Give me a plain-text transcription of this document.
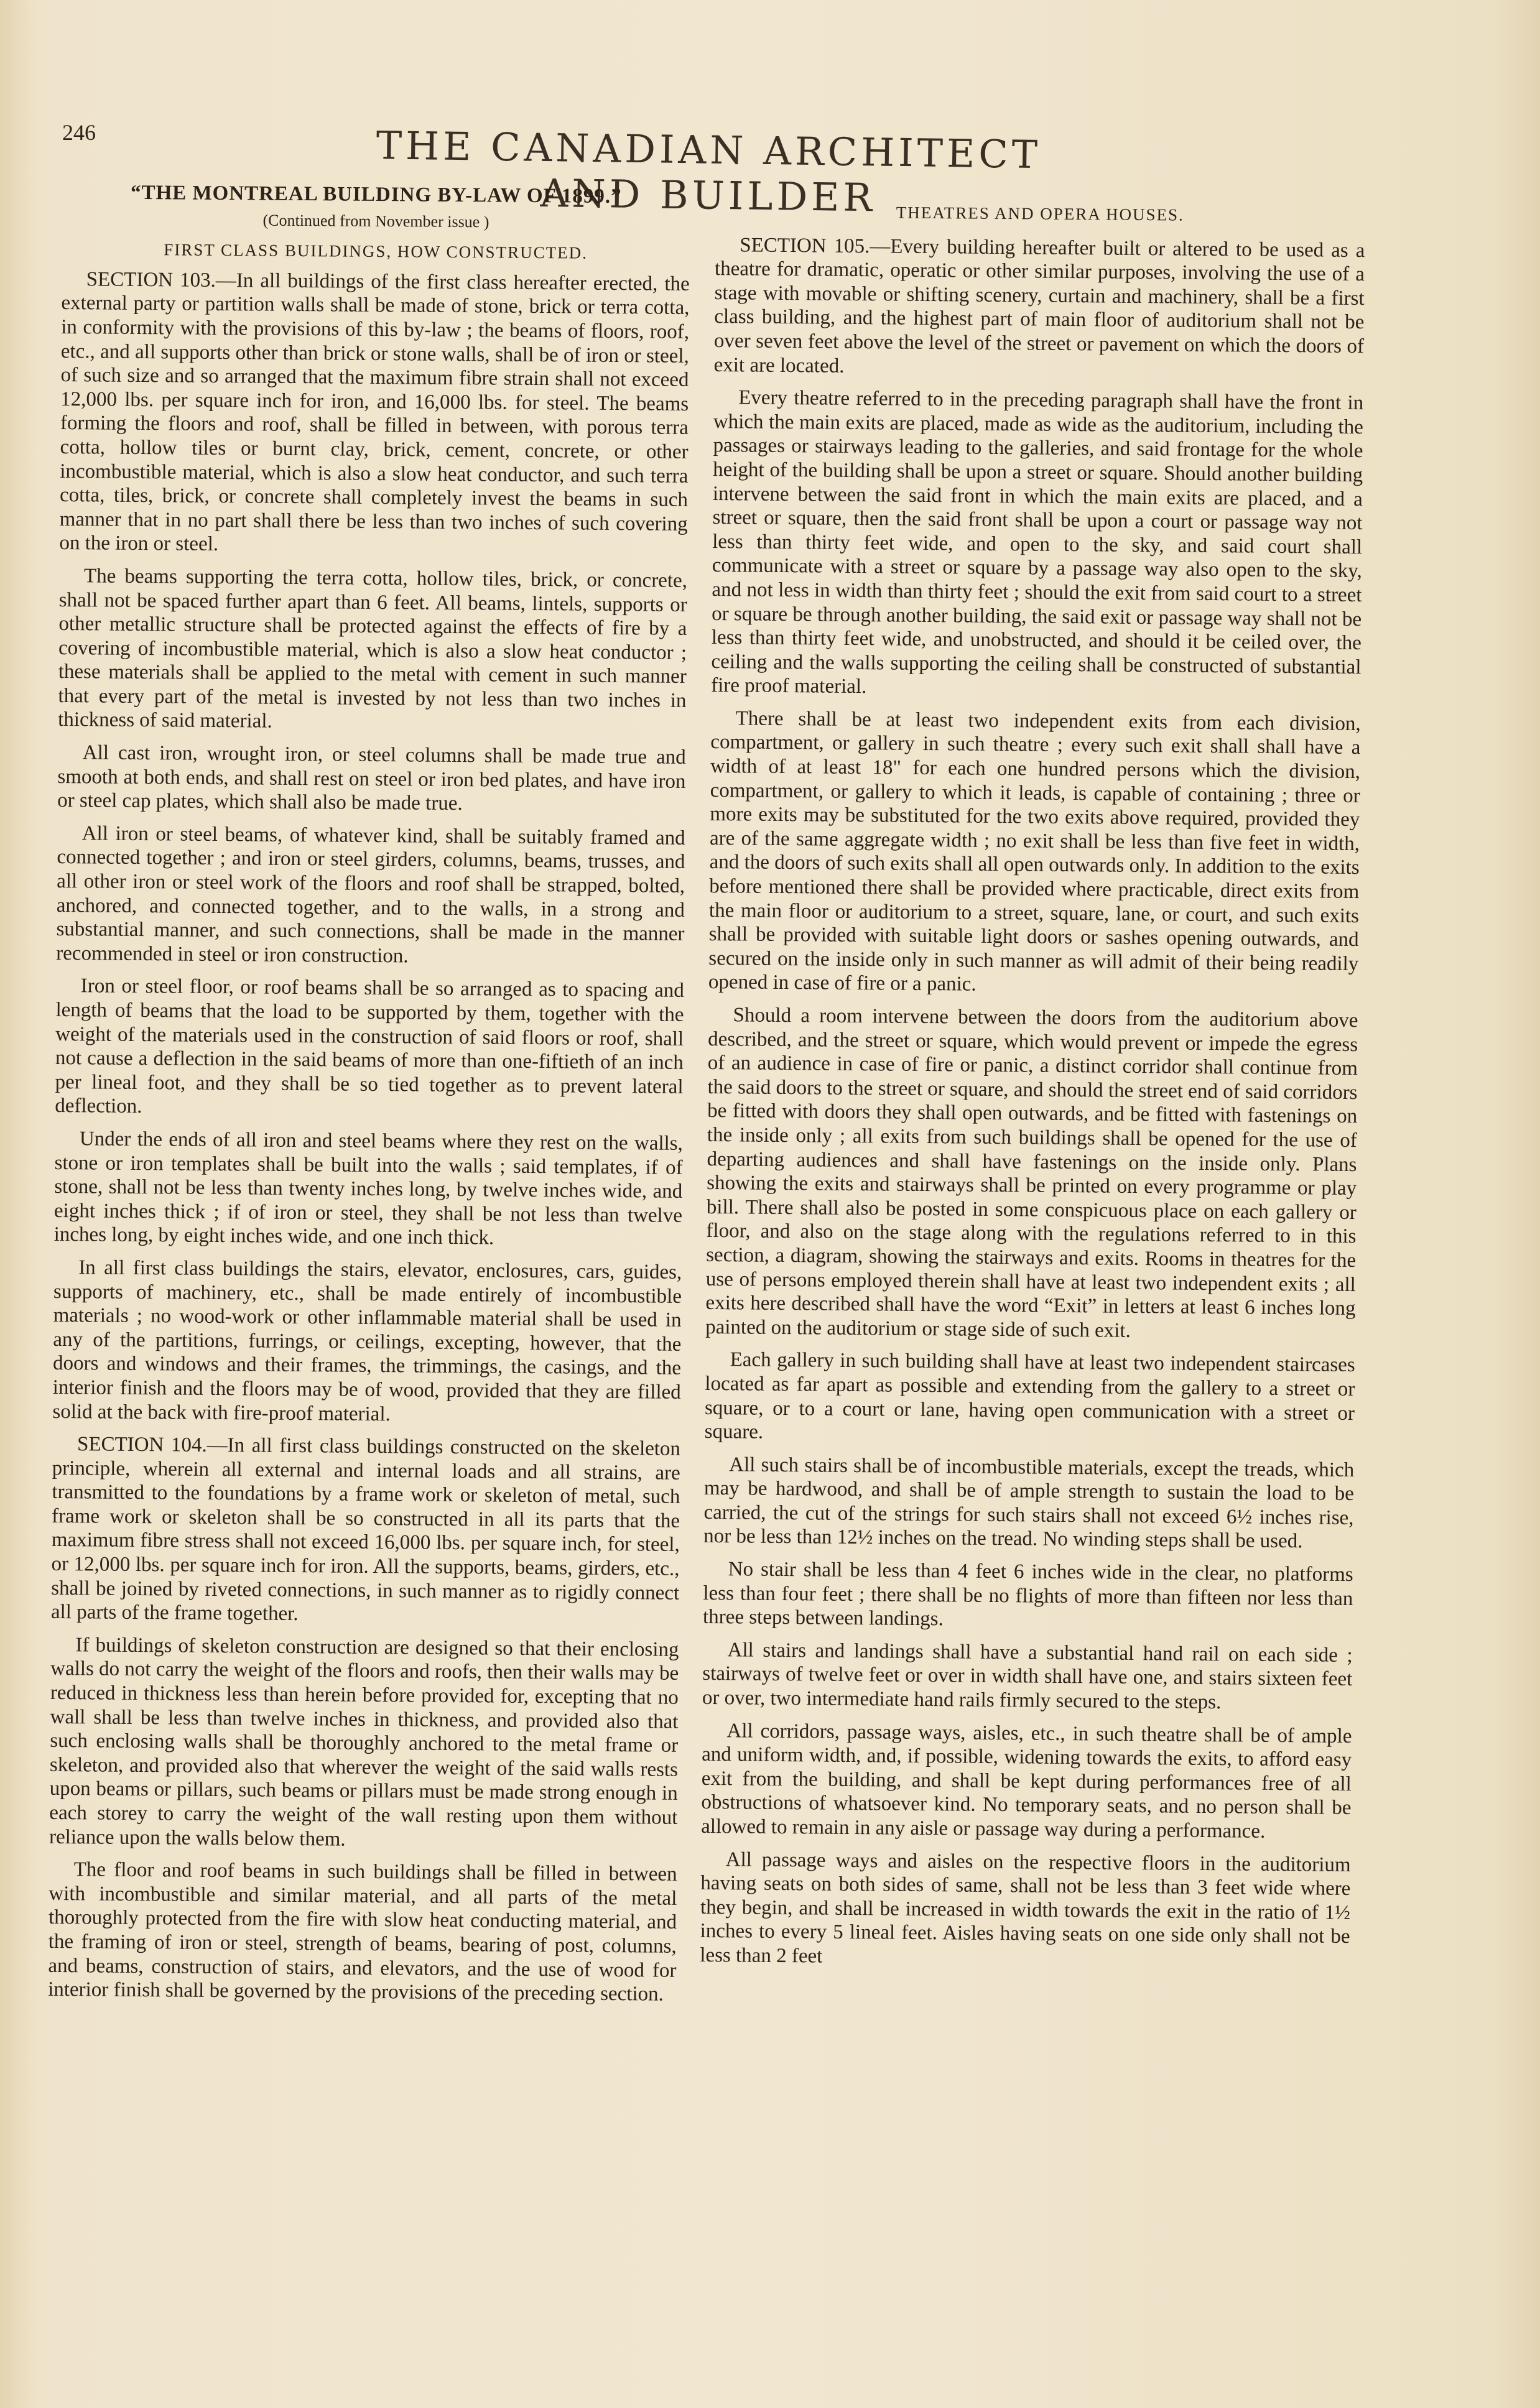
246	THE CANADIAN ARCHITECT AND BUILDER
“THE MONTREAL BUILDING BY-LAW OF 1899.”
(Continued from November issue )
FIRST CLASS BUILDINGS, HOW CONSTRUCTED.

SECTION 103.—In all buildings of the first class hereafter erected, the external party or partition walls shall be made of stone, brick or terra cotta, in conformity with the provisions of this by-law ; the beams of floors, roof, etc., and all supports other than brick or stone walls, shall be of iron or steel, of such size and so arranged that the maximum fibre strain shall not exceed 12,000 lbs. per square inch for iron, and 16,000 lbs. for steel. The beams forming the floors and roof, shall be filled in between, with porous terra cotta, hollow tiles or burnt clay, brick, cement, concrete, or other incombustible material, which is also a slow heat conductor, and such terra cotta, tiles, brick, or concrete shall completely invest the beams in such manner that in no part shall there be less than two inches of such covering on the iron or steel.

The beams supporting the terra cotta, hollow tiles, brick, or concrete, shall not be spaced further apart than 6 feet. All beams, lintels, supports or other metallic structure shall be protected against the effects of fire by a covering of incombustible material, which is also a slow heat conductor ; these materials shall be applied to the metal with cement in such manner that every part of the metal is invested by not less than two inches in thickness of said material.

All cast iron, wrought iron, or steel columns shall be made true and smooth at both ends, and shall rest on steel or iron bed plates, and have iron or steel cap plates, which shall also be made true.

All iron or steel beams, of whatever kind, shall be suitably framed and connected together ; and iron or steel girders, columns, beams, trusses, and all other iron or steel work of the floors and roof shall be strapped, bolted, anchored, and connected together, and to the walls, in a strong and substantial manner, and such connections, shall be made in the manner recommended in steel or iron construction.

Iron or steel floor, or roof beams shall be so arranged as to spacing and length of beams that the load to be supported by them, together with the weight of the materials used in the construction of said floors or roof, shall not cause a deflection in the said beams of more than one-fiftieth of an inch per lineal foot, and they shall be so tied together as to prevent lateral deflection.

Under the ends of all iron and steel beams where they rest on the walls, stone or iron templates shall be built into the walls ; said templates, if of stone, shall not be less than twenty inches long, by twelve inches wide, and eight inches thick ; if of iron or steel, they shall be not less than twelve inches long, by eight inches wide, and one inch thick.

In all first class buildings the stairs, elevator, enclosures, cars, guides, supports of machinery, etc., shall be made entirely of incombustible materials ; no wood-work or other inflammable material shall be used in any of the partitions, furrings, or ceilings, excepting, however, that the doors and windows and their frames, the trimmings, the casings, and the interior finish and the floors may be of wood, provided that they are filled solid at the back with fire-proof material.

SECTION 104.—In all first class buildings constructed on the skeleton principle, wherein all external and internal loads and all strains, are transmitted to the foundations by a frame work or skeleton of metal, such frame work or skeleton shall be so constructed in all its parts that the maximum fibre stress shall not exceed 16,000 lbs. per square inch, for steel, or 12,000 lbs. per square inch for iron. All the supports, beams, girders, etc., shall be joined by riveted connections, in such manner as to rigidly connect all parts of the frame together.

If buildings of skeleton construction are designed so that their enclosing walls do not carry the weight of the floors and roofs, then their walls may be reduced in thickness less than herein before provided for, excepting that no wall shall be less than twelve inches in thickness, and provided also that such enclosing walls shall be thoroughly anchored to the metal frame or skeleton, and provided also that wherever the weight of the said walls rests upon beams or pillars, such beams or pillars must be made strong enough in each storey to carry the weight of the wall resting upon them without reliance upon the walls below them.

The floor and roof beams in such buildings shall be filled in between with incombustible and similar material, and all parts of the metal thoroughly protected from the fire with slow heat conducting material, and the framing of iron or steel, strength of beams, bearing of post, columns, and beams, construction of stairs, and elevators, and the use of wood for interior finish shall be governed by the provisions of the preceding section.

THEATRES AND OPERA HOUSES.

SECTION 105.—Every building hereafter built or altered to be used as a theatre for dramatic, operatic or other similar purposes, involving the use of a stage with movable or shifting scenery, curtain and machinery, shall be a first class building, and the highest part of main floor of auditorium shall not be over seven feet above the level of the street or pavement on which the doors of exit are located.

Every theatre referred to in the preceding paragraph shall have the front in which the main exits are placed, made as wide as the auditorium, including the passages or stairways leading to the galleries, and said frontage for the whole height of the building shall be upon a street or square. Should another building intervene between the said front in which the main exits are placed, and a street or square, then the said front shall be upon a court or passage way not less than thirty feet wide, and open to the sky, and said court shall communicate with a street or square by a passage way also open to the sky, and not less in width than thirty feet ; should the exit from said court to a street or square be through another building, the said exit or passage way shall not be less than thirty feet wide, and unobstructed, and should it be ceiled over, the ceiling and the walls supporting the ceiling shall be constructed of substantial fire proof material.

There shall be at least two independent exits from each division, compartment, or gallery in such theatre ; every such exit shall shall have a width of at least 18" for each one hundred persons which the division, compartment, or gallery to which it leads, is capable of containing ; three or more exits may be substituted for the two exits above required, provided they are of the same aggregate width ; no exit shall be less than five feet in width, and the doors of such exits shall all open outwards only. In addition to the exits before mentioned there shall be provided where practicable, direct exits from the main floor or auditorium to a street, square, lane, or court, and such exits shall be provided with suitable light doors or sashes opening outwards, and secured on the inside only in such manner as will admit of their being readily opened in case of fire or a panic.

Should a room intervene between the doors from the auditorium above described, and the street or square, which would prevent or impede the egress of an audience in case of fire or panic, a distinct corridor shall continue from the said doors to the street or square, and should the street end of said corridors be fitted with doors they shall open outwards, and be fitted with fastenings on the inside only ; all exits from such buildings shall be opened for the use of departing audiences and shall have fastenings on the inside only. Plans showing the exits and stairways shall be printed on every programme or play bill. There shall also be posted in some conspicuous place on each gallery or floor, and also on the stage along with the regulations referred to in this section, a diagram, showing the stairways and exits. Rooms in theatres for the use of persons employed therein shall have at least two independent exits ; all exits here described shall have the word “Exit” in letters at least 6 inches long painted on the auditorium or stage side of such exit.

Each gallery in such building shall have at least two independent staircases located as far apart as possible and extending from the gallery to a street or square, or to a court or lane, having open communication with a street or square.

All such stairs shall be of incombustible materials, except the treads, which may be hardwood, and shall be of ample strength to sustain the load to be carried, the cut of the strings for such stairs shall not exceed 6½ inches rise, nor be less than 12½ inches on the tread. No winding steps shall be used.

No stair shall be less than 4 feet 6 inches wide in the clear, no platforms less than four feet ; there shall be no flights of more than fifteen nor less than three steps between landings.

All stairs and landings shall have a substantial hand rail on each side ; stairways of twelve feet or over in width shall have one, and stairs sixteen feet or over, two intermediate hand rails firmly secured to the steps.

All corridors, passage ways, aisles, etc., in such theatre shall be of ample and uniform width, and, if possible, widening towards the exits, to afford easy exit from the building, and shall be kept during performances free of all obstructions of whatsoever kind. No temporary seats, and no person shall be allowed to remain in any aisle or passage way during a performance.

All passage ways and aisles on the respective floors in the auditorium having seats on both sides of same, shall not be less than 3 feet wide where they begin, and shall be increased in width towards the exit in the ratio of 1½ inches to every 5 lineal feet. Aisles having seats on one side only shall not be less than 2 feet
